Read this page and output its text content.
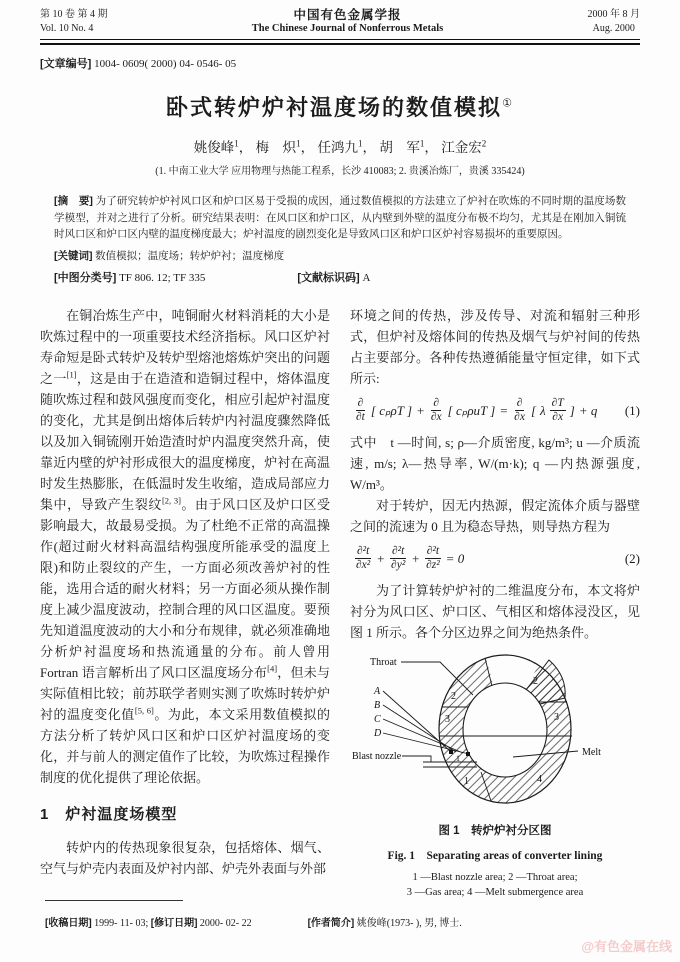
第 10 卷 第 4 期
Vol. 10 No. 4
中国有色金属学报
The Chinese Journal of Nonferrous Metals
2000 年 8 月
Aug. 2000
[文章编号] 1004- 0609( 2000) 04- 0546- 05
卧式转炉炉衬温度场的数值模拟①
姚俊峰$^1$， 梅　炽$^1$， 任鸿九$^1$， 胡　军$^1$， 江金宏$^2$
(1. 中南工业大学 应用物理与热能工程系，长沙 410083; 2. 贵溪冶炼厂，贵溪 335424)

[摘　要] 为了研究转炉炉衬风口区和炉口区易于受损的成因，通过数值模拟的方法建立了炉衬在吹炼的不同时期的温度场数学模型，并对之进行了分析。研究结果表明：在风口区和炉口区，从内壁到外壁的温度分布极不均匀，尤其是在刚加入铜锍时风口区和炉口区内壁的温度梯度最大；炉衬温度的剧烈变化是导致风口区和炉口区炉衬容易损坏的重要原因。

[关键词] 数值模拟；温度场；转炉炉衬；温度梯度
[中图分类号] TF 806. 12; TF 335	[文献标识码] A

在铜冶炼生产中，吨铜耐火材料消耗的大小是吹炼过程中的一项重要技术经济指标。风口区炉衬寿命短是卧式转炉及转炉型熔池熔炼炉突出的问题之一[1]，这是由于在造渣和造铜过程中，熔体温度随吹炼过程和鼓风强度而变化，相应引起炉衬温度的变化，尤其是倒出熔体后转炉内衬温度骤然降低以及加入铜锍刚开始造渣时炉内温度突然升高，使靠近内壁的炉衬形成很大的温度梯度，炉衬在高温时发生热膨胀，在低温时发生收缩，造成局部应力集中，导致产生裂纹[2, 3]。由于风口区及炉口区受影响最大，故最易受损。为了杜绝不正常的高温操作(超过耐火材料高温结构强度所能承受的温度上限)和防止裂纹的产生，一方面必须改善炉衬的性能，选用合适的耐火材料；另一方面必须从操作制度上减少温度波动，控制合理的风口区温度。要预先知道温度波动的大小和分布规律，就必须准确地分析炉衬温度场和热流通量的分布。前人曾用 Fortran 语言解析出了风口区温度场分布[4]，但未与实际值相比较；前苏联学者则实测了吹炼时转炉炉衬的温度变化值[5, 6]。为此，本文采用数值模拟的方法分析了转炉风口区和炉口区炉衬温度场的变化，并与前人的测定值作了比较，为吹炼过程操作制度的优化提供了理论依据。

1　 炉衬温度场模型

转炉内的传热现象很复杂，包括熔体、烟气、空气与炉壳内表面及炉衬内部、炉壳外表面与外部

环境之间的传热，涉及传导、对流和辐射三种形式，但炉衬及熔体间的传热及烟气与炉衬间的传热占主要部分。各种传热遵循能量守恒定律，如下式所示:

$\frac{\partial}{\partial t}$ [ cₚρT ] + $\frac{\partial}{\partial x}$ [ cₚρuT ] = $\frac{\partial}{\partial x}$ [ λ $\frac{\partial T}{\partial x}$ ] + q (1)

式中　t —时间, s; ρ—介质密度, kg/m³; u —介质流速, m/s; λ—热导率, W/(m·k); q —内热源强度, W/m³。

对于转炉，因无内热源，假定流体介质与器壁之间的流速为 0 且为稳态导热，则导热方程为

$\frac{\text{∂²t}}{\text{∂x²}} + \frac{\text{∂²t}}{\text{∂y²}} + \frac{\text{∂²t}}{\text{∂z²}} = 0$	(2)

为了计算转炉炉衬的二维温度分布，本文将炉衬分为风口区、炉口区、气相区和熔体浸没区，见图 1 所示。各个分区边界之间为绝热条件。

Throat
A
B
C
D
Blast nozzle	Melt
2
2
3	3
1
1	4
图 1　 转炉炉衬分区图
Fig. 1　 Separating areas of converter lining
1 —Blast nozzle area; 2 —Throat area;
3 —Gas area; 4 —Melt submergence area
[收稿日期] 1999- 11- 03; [修订日期] 2000- 02- 22	[作者简介] 姚俊峰(1973- ), 男, 博士.
@有色金属在线
